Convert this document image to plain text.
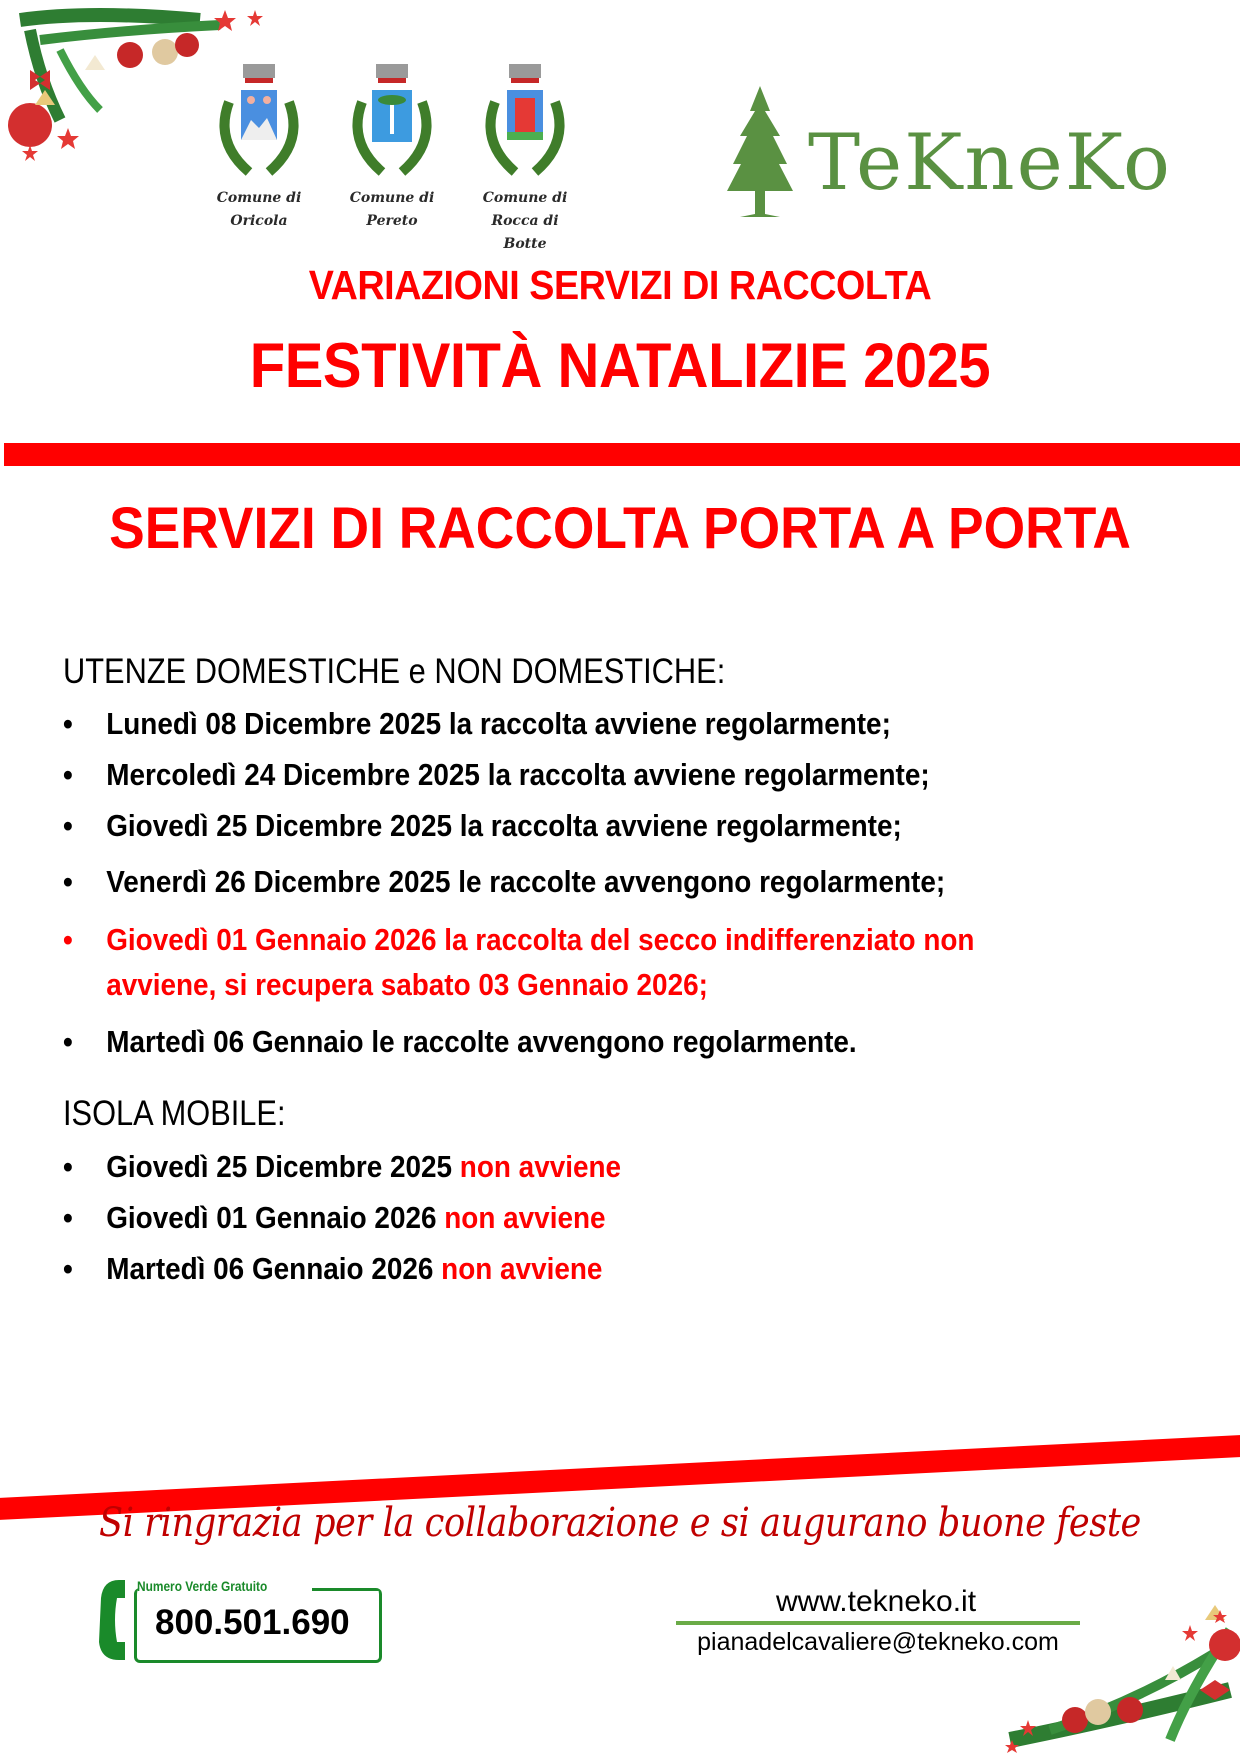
Comune di
Oricola
Comune di
Pereto
Comune di
Rocca di Botte
TeKneKo
VARIAZIONI SERVIZI DI RACCOLTA
FESTIVITÀ NATALIZIE 2025
SERVIZI DI RACCOLTA PORTA A PORTA
UTENZE DOMESTICHE e NON DOMESTICHE:
• Lunedì 08 Dicembre 2025 la raccolta avviene regolarmente;
• Mercoledì 24 Dicembre 2025 la raccolta avviene regolarmente;
• Giovedì 25 Dicembre 2025 la raccolta avviene regolarmente;
• Venerdì 26 Dicembre 2025 le raccolte avvengono regolarmente;
• Giovedì 01 Gennaio 2026 la raccolta del secco indifferenziato non
avviene, si recupera sabato 03 Gennaio 2026;
• Martedì 06 Gennaio le raccolte avvengono regolarmente.
ISOLA MOBILE:
• Giovedì 25 Dicembre 2025 non avviene
• Giovedì 01 Gennaio 2026 non avviene
• Martedì 06 Gennaio 2026 non avviene
Si ringrazia per la collaborazione e si augurano buone feste
Numero Verde Gratuito
800.501.690
www.tekneko.it
pianadelcavaliere@tekneko.com
